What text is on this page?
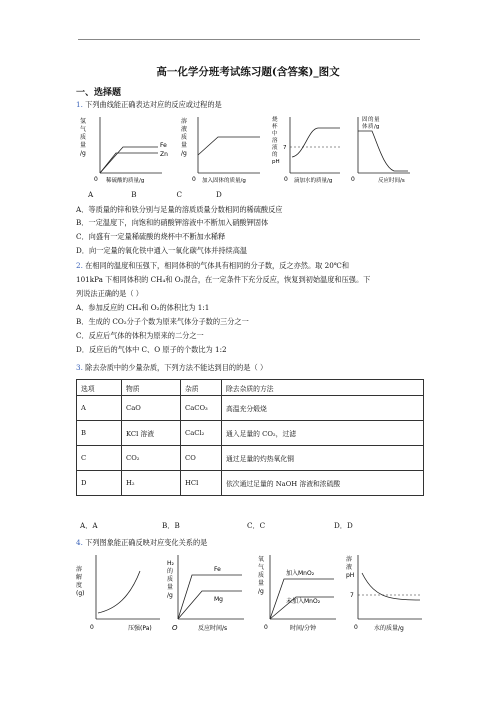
高一化学分班考试练习题(含答案)_图文
一、选择题
1. 下列曲线能正确表达对应的反应或过程的是
氢
气
质
量
/g
Fe
Zn
0 稀硫酸的质量/g
溶
液
质
量
/g
0 加入固体的质量/g
烧
杯
中
溶
液
的
pH
7
0 滴加水的质量/g
固
体
的
质
量
/g
0	反应时间/s
A	B	C	D
A．等质量的锌和铁分别与足量的溶质质量分数相同的稀硫酸反应
B．一定温度下，向饱和的硝酸钾溶液中不断加入硝酸钾固体
C．向盛有一定量稀硫酸的烧杯中不断加水稀释
D．向一定量的氧化铁中通入一氧化碳气体并持续高温
2. 在相同的温度和压强下，相同体积的气体具有相同的分子数，反之亦然。取 20℃和
101kPa 下相同体积的 CH₄和 O₂混合，在一定条件下充分反应，恢复到初始温度和压强。下
列说法正确的是（ ）
A．参加反应的 CH₄和 O₂的体积比为 1:1
B．生成的 CO₂分子个数为原来气体分子数的三分之一
C．反应后气体的体积为原来的二分之一
D．反应后的气体中 C、O 原子的个数比为 1:2
3. 除去杂质中的少量杂质，下列方法不能达到目的的是（ ）
选项	物质	杂质	除去杂质的方法
A	CaO	CaCO₃	高温充分煅烧
B	KCl 溶液	CaCl₂	通入足量的 CO₂，过滤
C	CO₂	CO	通过足量的灼热氧化铜
D	H₂	HCl	依次通过足量的 NaOH 溶液和浓硫酸
A．A	B．B	C．C	D．D
4. 下列图象能正确反映对应变化关系的是
溶
解
度
(g)
0	压强(Pa)
H₂
的
质
量
/g
Fe
Mg
O	反应时间/s
氧
气
质
量
/g
加入MnO₂
未加入MnO₂
0	时间/分钟
溶
液
pH
7
0	水的质量/g
